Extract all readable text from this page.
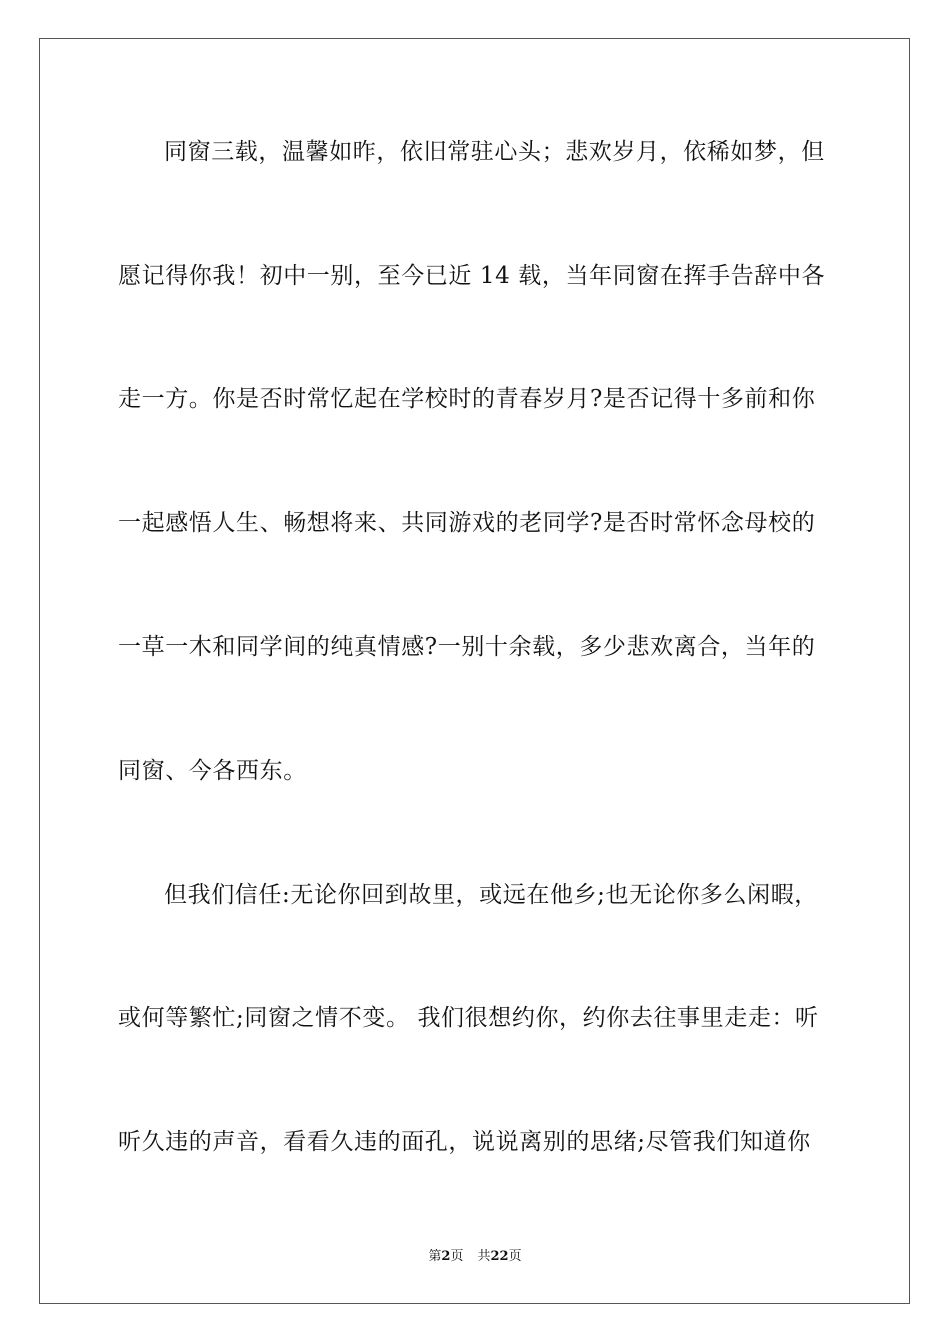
同窗三载，温馨如昨，依旧常驻心头；悲欢岁月，依稀如梦，但
愿记得你我！初中一别，至今已近 14 载，当年同窗在挥手告辞中各
走一方。你是否时常忆起在学校时的青春岁月?是否记得十多前和你
一起感悟人生、畅想将来、共同游戏的老同学?是否时常怀念母校的
一草一木和同学间的纯真情感?一别十余载，多少悲欢离合，当年的
同窗、今各西东。
但我们信任:无论你回到故里，或远在他乡;也无论你多么闲暇，
或何等繁忙;同窗之情不变。 我们很想约你，约你去往事里走走：听
听久违的声音，看看久违的面孔，说说离别的思绪;尽管我们知道你
第2页 共22页
